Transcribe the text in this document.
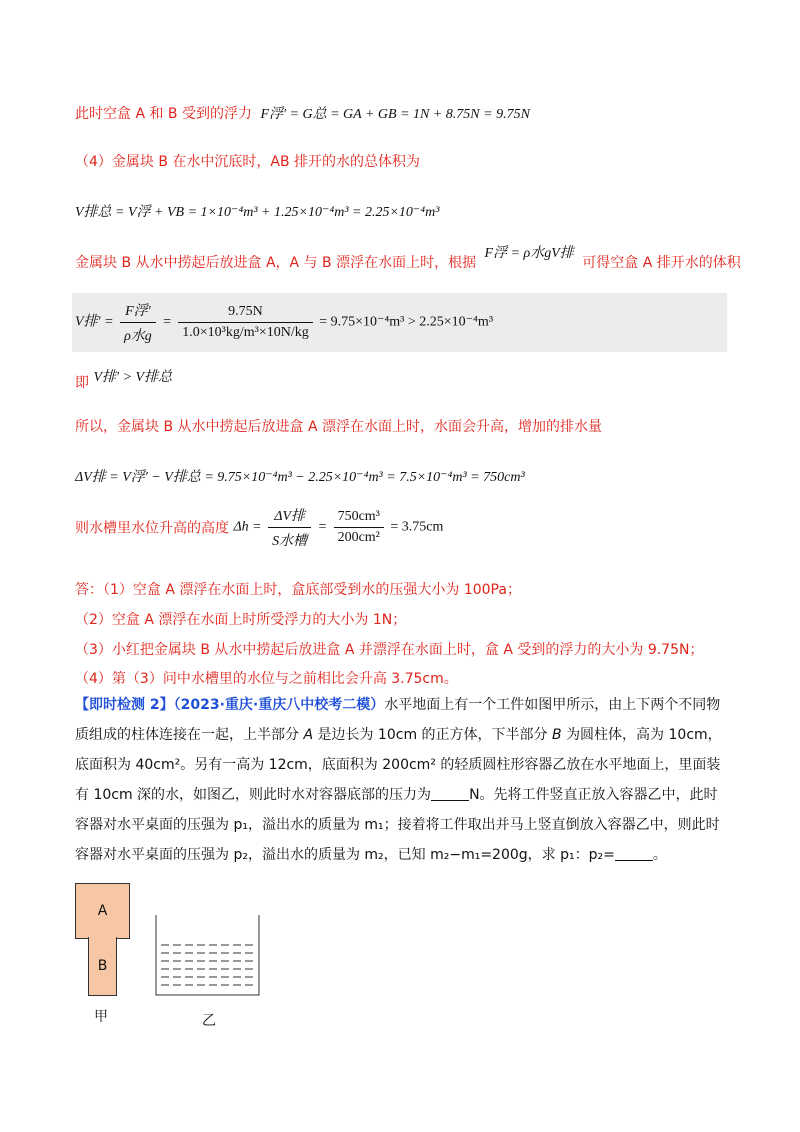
此时空盒 A 和 B 受到的浮力 F浮′ = G总 = GA + GB = 1N + 8.75N = 9.75N
（4）金属块 B 在水中沉底时，AB 排开的水的总体积为
V排总 = V浮 + VB = 1×10⁻⁴m³ + 1.25×10⁻⁴m³ = 2.25×10⁻⁴m³
金属块 B 从水中捞起后放进盒 A，A 与 B 漂浮在水面上时，根据 F浮 = ρ水gV排 可得空盒 A 排开水的体积
V排′ = $\frac{\text{F浮′}}{\text{ρ水g}} = \frac{9.75N}{\text{1.0×10³kg/m³×10N/kg}} = 9.75\times 10^{-4}m^3 > 2.25\times 10^{-4}m^3$
即 V排′ > V排总
所以，金属块 B 从水中捞起后放进盒 A 漂浮在水面上时，水面会升高，增加的排水量
ΔV排 = V浮′ − V排总 = 9.75×10⁻⁴m³ − 2.25×10⁻⁴m³ = 7.5×10⁻⁴m³ = 750cm³
则水槽里水位升高的高度 $\Delta h = \frac{\text{ΔV排}}{\text{S水槽}} = \frac{\text{750cm³}}{\text{200cm²}} = 3.75cm$
答：（1）空盒 A 漂浮在水面上时，盒底部受到水的压强大小为 100Pa；
（2）空盒 A 漂浮在水面上时所受浮力的大小为 1N；
（3）小红把金属块 B 从水中捞起后放进盒 A 并漂浮在水面上时，盒 A 受到的浮力的大小为 9.75N；
（4）第（3）问中水槽里的水位与之前相比会升高 3.75cm。
【即时检测 2】（2023·重庆·重庆八中校考二模）水平地面上有一个工件如图甲所示，由上下两个不同物质组成的柱体连接在一起，上半部分 A 是边长为 10cm 的正方体，下半部分 B 为圆柱体，高为 10cm，底面积为 40cm²。另有一高为 12cm，底面积为 200cm² 的轻质圆柱形容器乙放在水平地面上，里面装有 10cm 深的水，如图乙，则此时水对容器底部的压力为	N。先将工件竖直正放入容器乙中，此时容器对水平桌面的压强为 p₁，溢出水的质量为 m₁；接着将工件取出并马上竖直倒放入容器乙中，则此时容器对水平桌面的压强为 p₂，溢出水的质量为 m₂，已知 m₂−m₁=200g，求 p₁：p₂=	。
A
B
甲	乙
